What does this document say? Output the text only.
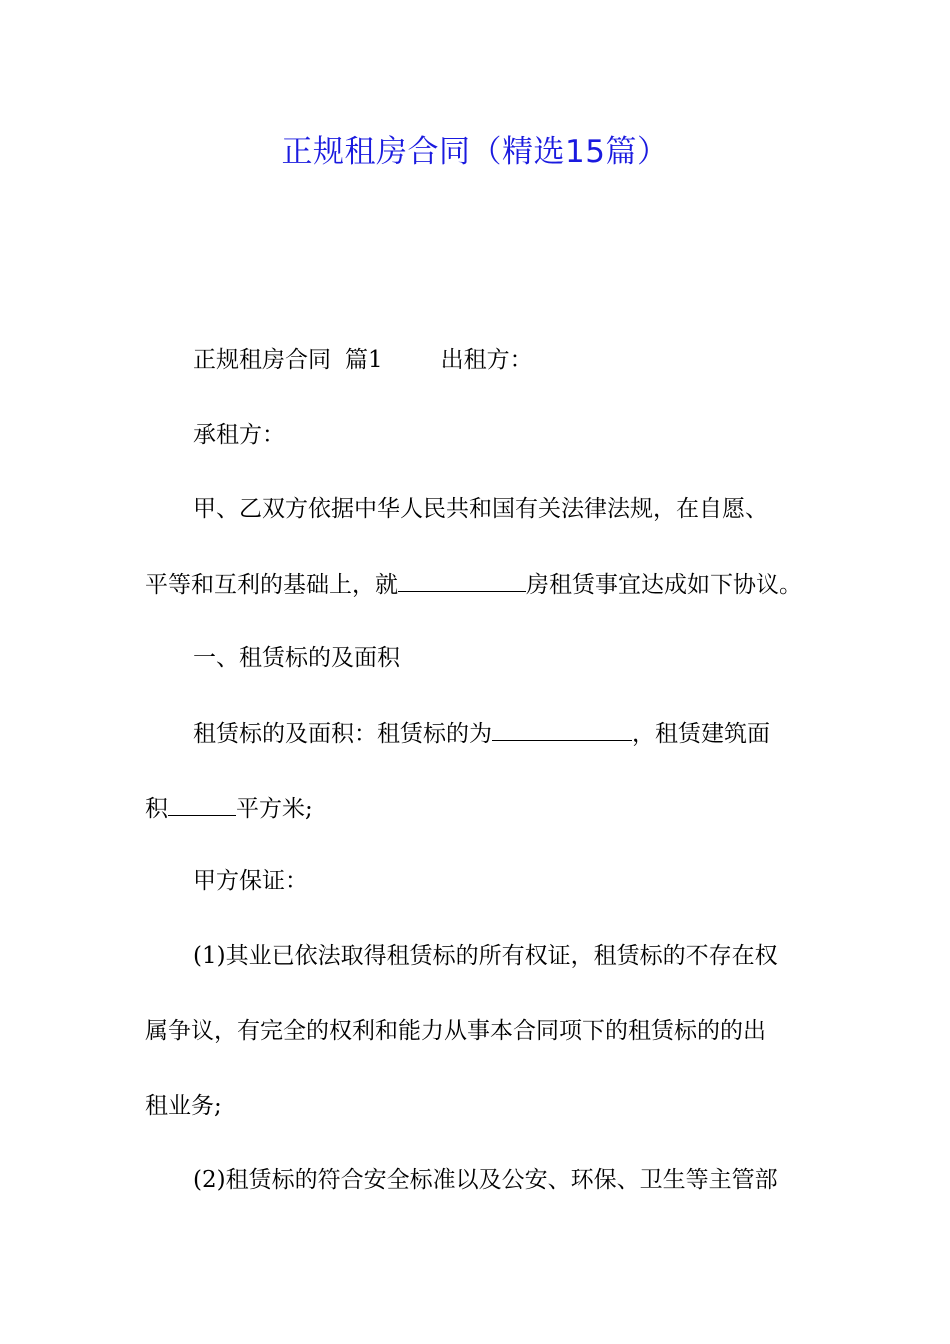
正规租房合同（精选15篇）
正规租房合同 篇1	出租方：
承租方：
甲、乙双方依据中华人民共和国有关法律法规，在自愿、
平等和互利的基础上，就	房租赁事宜达成如下协议。
一、租赁标的及面积
租赁标的及面积：租赁标的为	，租赁建筑面
积	平方米;
甲方保证：
(1)其业已依法取得租赁标的所有权证，租赁标的不存在权
属争议，有完全的权利和能力从事本合同项下的租赁标的的出
租业务;
(2)租赁标的符合安全标准以及公安、环保、卫生等主管部
